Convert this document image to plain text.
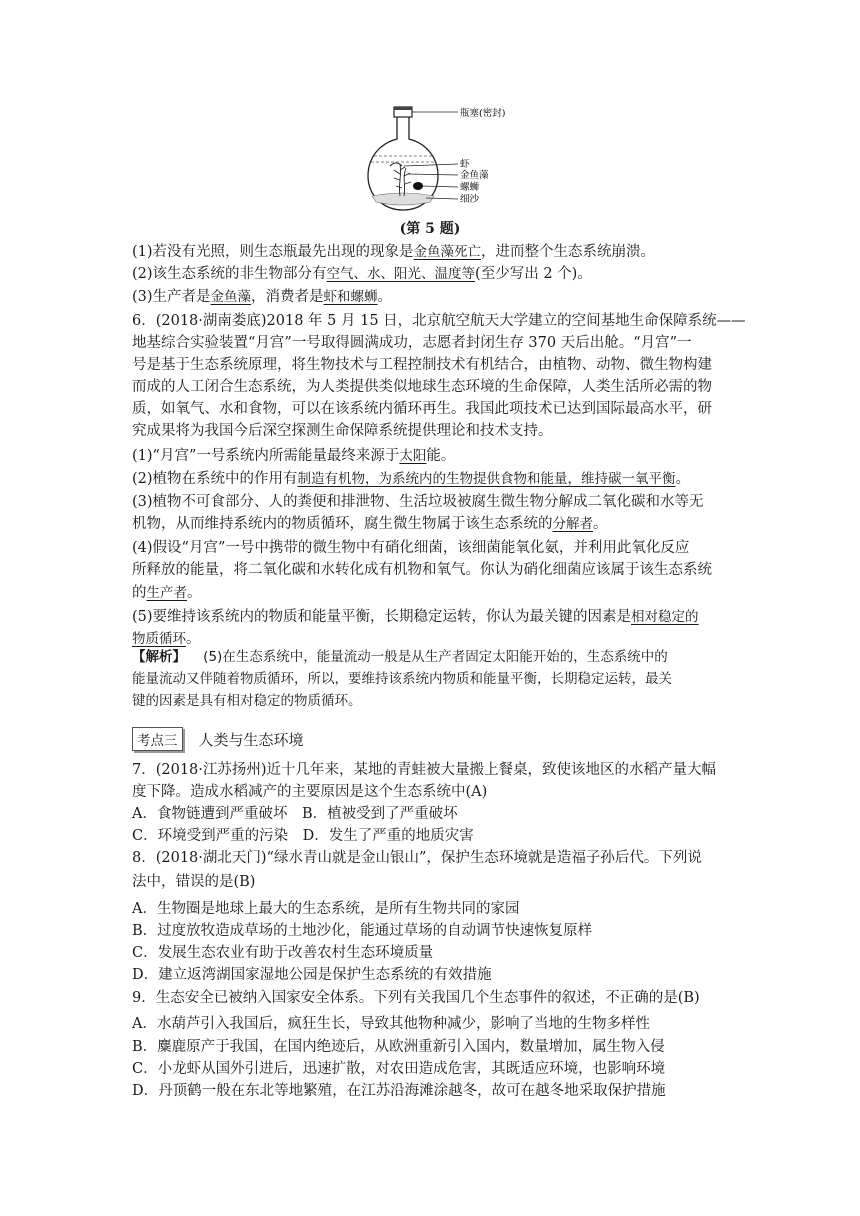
瓶塞(密封)
虾
金鱼藻
螺蛳
细沙
(第 5 题)
(1)若没有光照，则生态瓶最先出现的现象是金鱼藻死亡，进而整个生态系统崩溃。
(2)该生态系统的非生物部分有空气、水、阳光、温度等(至少写出 2 个)。
(3)生产者是金鱼藻，消费者是虾和螺蛳。
6．(2018·湖南娄底)2018 年 5 月 15 日，北京航空航天大学建立的空间基地生命保障系统——
地基综合实验装置“月宫”一号取得圆满成功，志愿者封闭生存 370 天后出舱。“月宫”一
号是基于生态系统原理，将生物技术与工程控制技术有机结合，由植物、动物、微生物构建
而成的人工闭合生态系统，为人类提供类似地球生态环境的生命保障，人类生活所必需的物
质，如氧气、水和食物，可以在该系统内循环再生。我国此项技术已达到国际最高水平，研
究成果将为我国今后深空探测生命保障系统提供理论和技术支持。
(1)“月宫”一号系统内所需能量最终来源于太阳能。
(2)植物在系统中的作用有制造有机物，为系统内的生物提供食物和能量，维持碳一氧平衡。
(3)植物不可食部分、人的粪便和排泄物、生活垃圾被腐生微生物分解成二氧化碳和水等无
机物，从而维持系统内的物质循环，腐生微生物属于该生态系统的分解者。
(4)假设“月宫”一号中携带的微生物中有硝化细菌，该细菌能氧化氨，并利用此氧化反应
所释放的能量，将二氧化碳和水转化成有机物和氧气。你认为硝化细菌应该属于该生态系统
的生产者。
(5)要维持该系统内的物质和能量平衡，长期稳定运转，你认为最关键的因素是相对稳定的
物质循环。
【解析】 (5)在生态系统中，能量流动一般是从生产者固定太阳能开始的，生态系统中的
能量流动又伴随着物质循环，所以，要维持该系统内物质和能量平衡，长期稳定运转，最关
键的因素是具有相对稳定的物质循环。
考点三	人类与生态环境
7．(2018·江苏扬州)近十几年来，某地的青蛙被大量搬上餐桌，致使该地区的水稻产量大幅
度下降。造成水稻减产的主要原因是这个生态系统中(A)
A．食物链遭到严重破坏　B．植被受到了严重破坏
C．环境受到严重的污染　D．发生了严重的地质灾害
8．(2018·湖北天门)“绿水青山就是金山银山”，保护生态环境就是造福子孙后代。下列说
法中，错误的是(B)
A．生物圈是地球上最大的生态系统，是所有生物共同的家园
B．过度放牧造成草场的土地沙化，能通过草场的自动调节快速恢复原样
C．发展生态农业有助于改善农村生态环境质量
D．建立返湾湖国家湿地公园是保护生态系统的有效措施
9．生态安全已被纳入国家安全体系。下列有关我国几个生态事件的叙述，不正确的是(B)
A．水葫芦引入我国后，疯狂生长，导致其他物种减少，影响了当地的生物多样性
B．麋鹿原产于我国，在国内绝迹后，从欧洲重新引入国内，数量增加，属生物入侵
C．小龙虾从国外引进后，迅速扩散，对农田造成危害，其既适应环境，也影响环境
D．丹顶鹤一般在东北等地繁殖，在江苏沿海滩涂越冬，故可在越冬地采取保护措施
